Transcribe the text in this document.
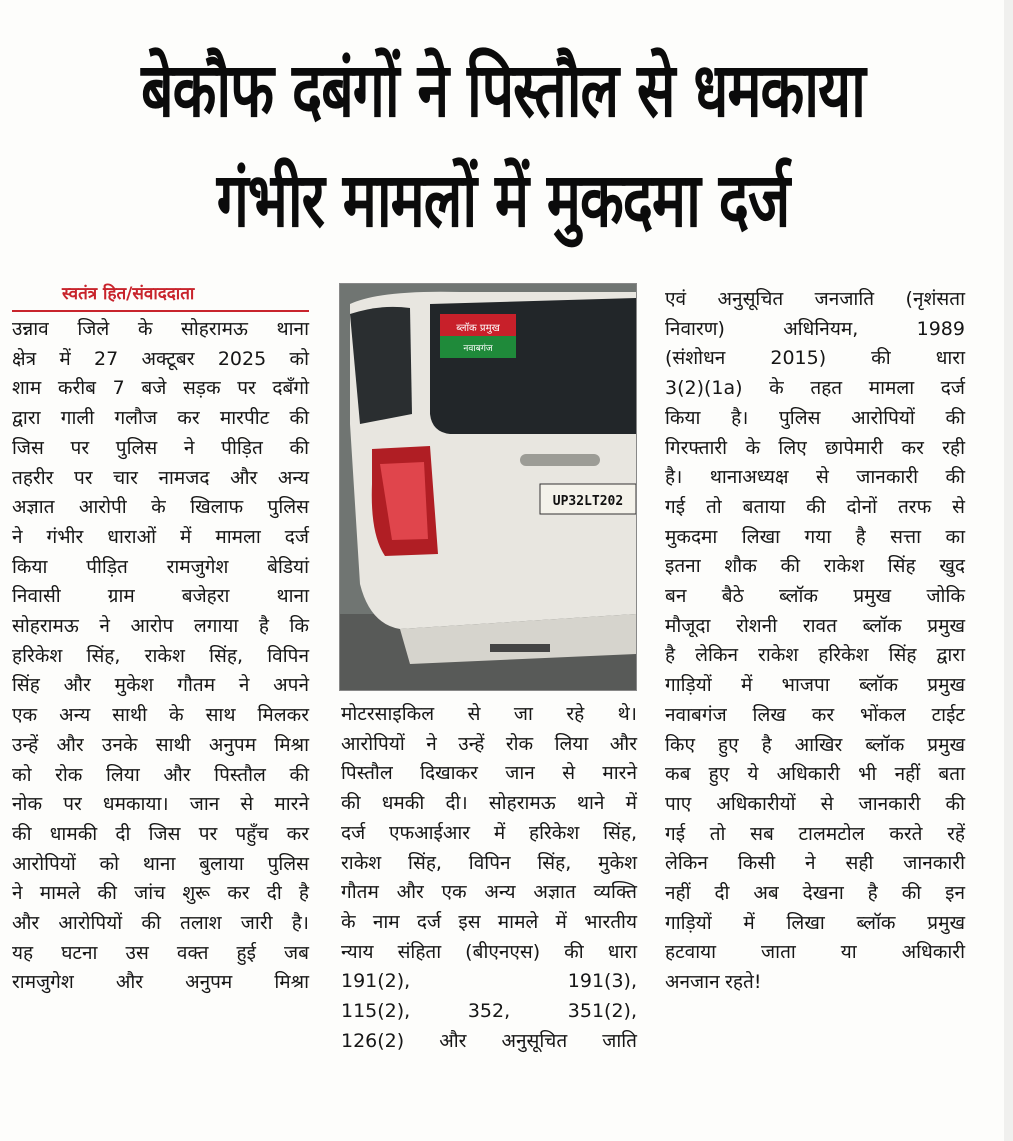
बेकौफ दबंगों ने पिस्तौल से धमकाया
गंभीर मामलों में मुकदमा दर्ज
स्वतंत्र हित/संवाददाता

उन्नाव जिले के सोहरामऊ थाना
क्षेत्र में 27 अक्टूबर 2025 को
शाम करीब 7 बजे सड़क पर दबँगो
द्वारा गाली गलौज कर मारपीट की
जिस पर पुलिस ने पीड़ित की
तहरीर पर चार नामजद और अन्य
अज्ञात आरोपी के खिलाफ पुलिस
ने गंभीर धाराओं में मामला दर्ज
किया पीड़ित रामजुगेश बेडियां
निवासी ग्राम बजेहरा थाना
सोहरामऊ ने आरोप लगाया है कि
हरिकेश सिंह, राकेश सिंह, विपिन
सिंह और मुकेश गौतम ने अपने
एक अन्य साथी के साथ मिलकर
उन्हें और उनके साथी अनुपम मिश्रा
को रोक लिया और पिस्तौल की
नोक पर धमकाया। जान से मारने
की धामकी दी जिस पर पहुँच कर
आरोपियों को थाना बुलाया पुलिस
ने मामले की जांच शुरू कर दी है
और आरोपियों की तलाश जारी है।
यह घटना उस वक्त हुई जब
रामजुगेश और अनुपम मिश्रा

ब्लॉक प्रमुख
नवाबगंज
UP32LT202

मोटरसाइकिल से जा रहे थे।
आरोपियों ने उन्हें रोक लिया और
पिस्तौल दिखाकर जान से मारने
की धमकी दी। सोहरामऊ थाने में
दर्ज एफआईआर में हरिकेश सिंह,
राकेश सिंह, विपिन सिंह, मुकेश
गौतम और एक अन्य अज्ञात व्यक्ति
के नाम दर्ज इस मामले में भारतीय
न्याय संहिता (बीएनएस) की धारा
191(2), 191(3),
115(2), 352, 351(2),
126(2) और अनुसूचित जाति

एवं अनुसूचित जनजाति (नृशंसता
निवारण) अधिनियम, 1989
(संशोधन 2015) की धारा
3(2)(1a) के तहत मामला दर्ज
किया है। पुलिस आरोपियों की
गिरफ्तारी के लिए छापेमारी कर रही
है। थानाअध्यक्ष से जानकारी की
गई तो बताया की दोनों तरफ से
मुकदमा लिखा गया है सत्ता का
इतना शौक की राकेश सिंह खुद
बन बैठे ब्लॉक प्रमुख जोकि
मौजूदा रोशनी रावत ब्लॉक प्रमुख
है लेकिन राकेश हरिकेश सिंह द्वारा
गाड़ियों में भाजपा ब्लॉक प्रमुख
नवाबगंज लिख कर भोंकल टाईट
किए हुए है आखिर ब्लॉक प्रमुख
कब हुए ये अधिकारी भी नहीं बता
पाए अधिकारीयों से जानकारी की
गई तो सब टालमटोल करते रहें
लेकिन किसी ने सही जानकारी
नहीं दी अब देखना है की इन
गाड़ियों में लिखा ब्लॉक प्रमुख
हटवाया जाता या अधिकारी
अनजान रहते!
